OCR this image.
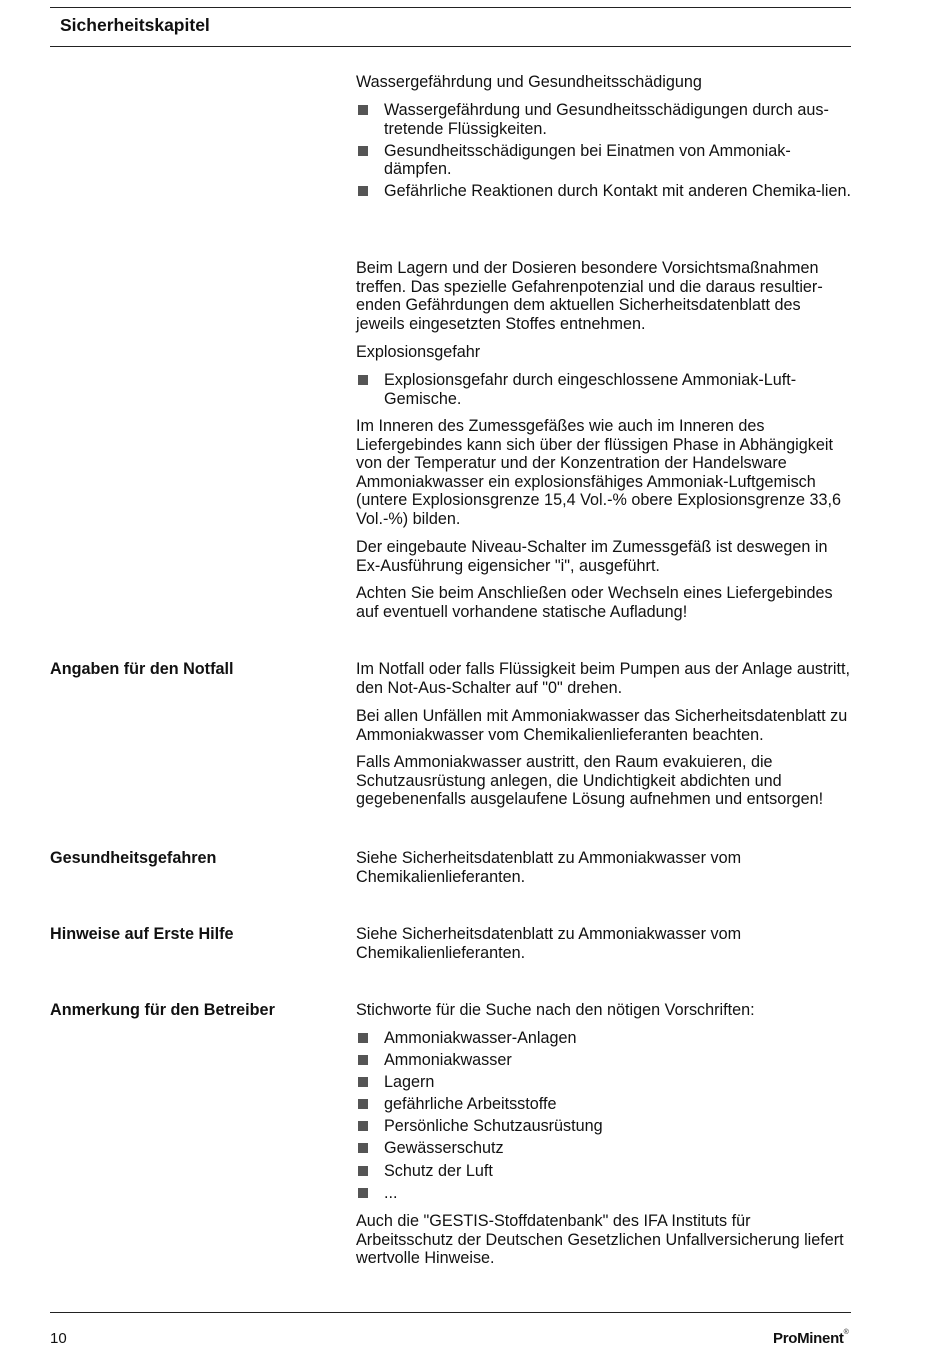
Sicherheitskapitel

Wassergefährdung und Gesundheitsschädigung

Wassergefährdung und Gesundheitsschädigungen durch aus-tretende Flüssigkeiten.
Gesundheitsschädigungen bei Einatmen von Ammoniak-dämpfen.
Gefährliche Reaktionen durch Kontakt mit anderen Chemika-lien.

Beim Lagern und der Dosieren besondere Vorsichtsmaßnahmen treffen. Das spezielle Gefahrenpotenzial und die daraus resultier-enden Gefährdungen dem aktuellen Sicherheitsdatenblatt des jeweils eingesetzten Stoffes entnehmen.

Explosionsgefahr

Explosionsgefahr durch eingeschlossene Ammoniak-Luft-Gemische.

Im Inneren des Zumessgefäßes wie auch im Inneren des Liefergebindes kann sich über der flüssigen Phase in Abhängigkeit von der Temperatur und der Konzentration der Handelsware Ammoniakwasser ein explosionsfähiges Ammoniak-Luftgemisch (untere Explosionsgrenze 15,4 Vol.-% obere Explosionsgrenze 33,6 Vol.-%) bilden.

Der eingebaute Niveau-Schalter im Zumessgefäß ist deswegen in Ex-Ausführung eigensicher "i", ausgeführt.

Achten Sie beim Anschließen oder Wechseln eines Liefergebindes auf eventuell vorhandene statische Aufladung!

Angaben für den Notfall	Im Notfall oder falls Flüssigkeit beim Pumpen aus der Anlage austritt, den Not-Aus-Schalter auf "0" drehen.

Bei allen Unfällen mit Ammoniakwasser das Sicherheitsdatenblatt zu Ammoniakwasser vom Chemikalienlieferanten beachten.

Falls Ammoniakwasser austritt, den Raum evakuieren, die Schutzausrüstung anlegen, die Undichtigkeit abdichten und gegebenenfalls ausgelaufene Lösung aufnehmen und entsorgen!

Gesundheitsgefahren	Siehe Sicherheitsdatenblatt zu Ammoniakwasser vom Chemikalienlieferanten.

Hinweise auf Erste Hilfe	Siehe Sicherheitsdatenblatt zu Ammoniakwasser vom Chemikalienlieferanten.

Anmerkung für den Betreiber	Stichworte für die Suche nach den nötigen Vorschriften:

Ammoniakwasser-Anlagen
Ammoniakwasser
Lagern
gefährliche Arbeitsstoffe
Persönliche Schutzausrüstung
Gewässerschutz
Schutz der Luft
...

Auch die "GESTIS-Stoffdatenbank" des IFA Instituts für Arbeitsschutz der Deutschen Gesetzlichen Unfallversicherung liefert wertvolle Hinweise.

10	ProMinent®
